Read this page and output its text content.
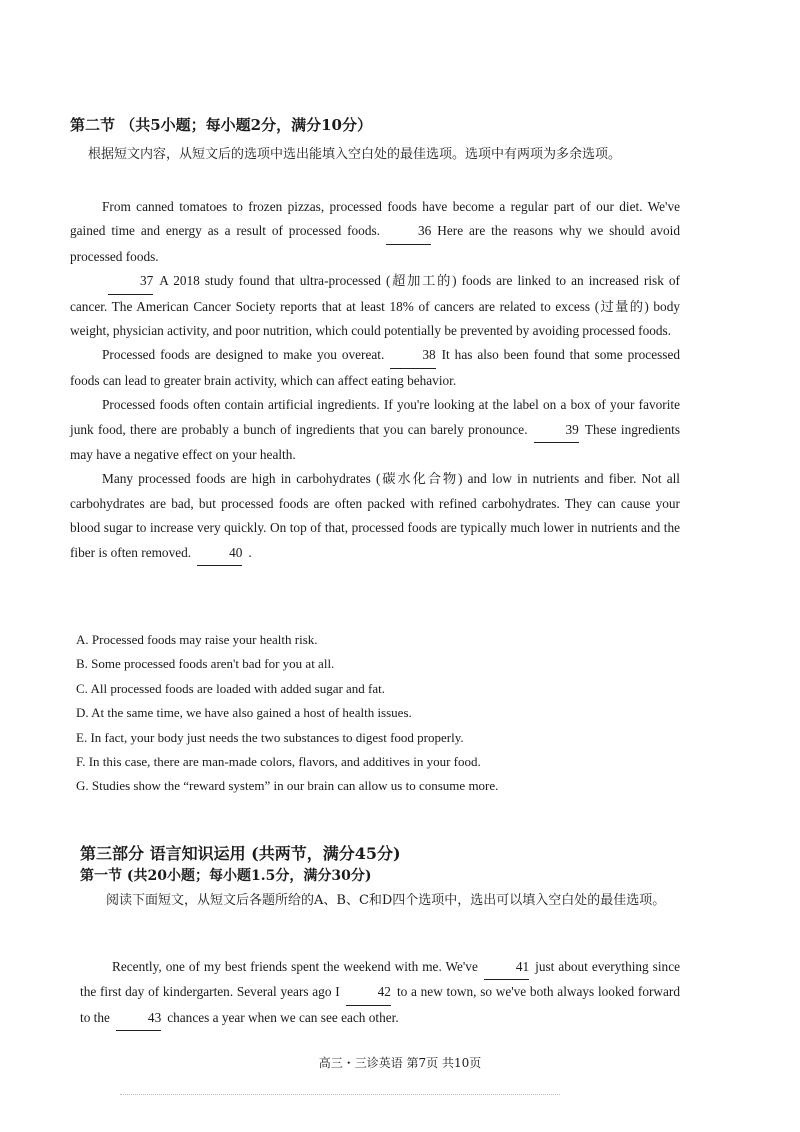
第二节 （共5小题；每小题2分，满分10分）
根据短文内容，从短文后的选项中选出能填入空白处的最佳选项。选项中有两项为多余选项。

From canned tomatoes to frozen pizzas, processed foods have become a regular part of our diet. We've gained time and energy as a result of processed foods.	36 Here are the reasons why we should avoid processed foods.

37 A 2018 study found that ultra-processed (超加工的) foods are linked to an increased risk of cancer. The American Cancer Society reports that at least 18% of cancers are related to excess (过量的) body weight, physician activity, and poor nutrition, which could potentially be prevented by avoiding processed foods.

Processed foods are designed to make you overeat.	38 It has also been found that some processed foods can lead to greater brain activity, which can affect eating behavior.

Processed foods often contain artificial ingredients. If you're looking at the label on a box of your favorite junk food, there are probably a bunch of ingredients that you can barely pronounce.	39 These ingredients may have a negative effect on your health.

Many processed foods are high in carbohydrates (碳水化合物) and low in nutrients and fiber. Not all carbohydrates are bad, but processed foods are often packed with refined carbohydrates. They can cause your blood sugar to increase very quickly. On top of that, processed foods are typically much lower in nutrients and the fiber is often removed.	40 .

A. Processed foods may raise your health risk.
B. Some processed foods aren't bad for you at all.
C. All processed foods are loaded with added sugar and fat.
D. At the same time, we have also gained a host of health issues.
E. In fact, your body just needs the two substances to digest food properly.
F. In this case, there are man-made colors, flavors, and additives in your food.
G. Studies show the “reward system” in our brain can allow us to consume more.
第三部分 语言知识运用 (共两节，满分45分)
第一节 (共20小题；每小题1.5分，满分30分)
阅读下面短文，从短文后各题所给的A、B、C和D四个选项中，选出可以填入空白处的最佳选项。

Recently, one of my best friends spent the weekend with me. We've	41 just about everything since the first day of kindergarten. Several years ago I	42 to a new town, so we've both always looked forward to the	43 chances a year when we can see each other.

高三・三诊英语 第7页 共10页
